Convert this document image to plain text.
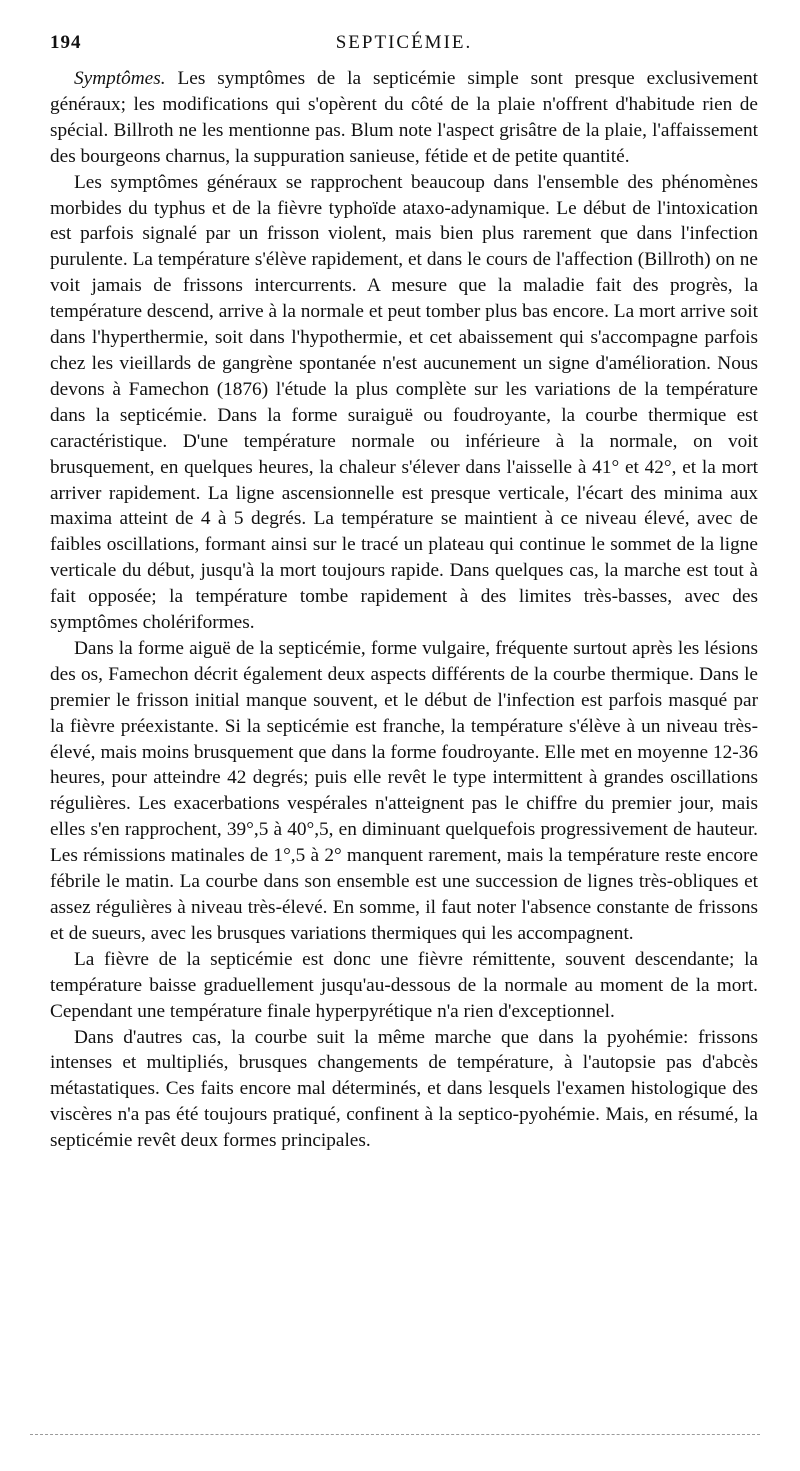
194	SEPTICÉMIE.

Symptômes. Les symptômes de la septicémie simple sont presque exclusivement généraux; les modifications qui s'opèrent du côté de la plaie n'offrent d'habitude rien de spécial. Billroth ne les mentionne pas. Blum note l'aspect grisâtre de la plaie, l'affaissement des bourgeons charnus, la suppuration sanieuse, fétide et de petite quantité.

Les symptômes généraux se rapprochent beaucoup dans l'ensemble des phénomènes morbides du typhus et de la fièvre typhoïde ataxo-adynamique. Le début de l'intoxication est parfois signalé par un frisson violent, mais bien plus rarement que dans l'infection purulente. La température s'élève rapidement, et dans le cours de l'affection (Billroth) on ne voit jamais de frissons intercurrents. A mesure que la maladie fait des progrès, la température descend, arrive à la normale et peut tomber plus bas encore. La mort arrive soit dans l'hyperthermie, soit dans l'hypothermie, et cet abaissement qui s'accompagne parfois chez les vieillards de gangrène spontanée n'est aucunement un signe d'amélioration. Nous devons à Famechon (1876) l'étude la plus complète sur les variations de la température dans la septicémie. Dans la forme suraiguë ou foudroyante, la courbe thermique est caractéristique. D'une température normale ou inférieure à la normale, on voit brusquement, en quelques heures, la chaleur s'élever dans l'aisselle à 41° et 42°, et la mort arriver rapidement. La ligne ascensionnelle est presque verticale, l'écart des minima aux maxima atteint de 4 à 5 degrés. La température se maintient à ce niveau élevé, avec de faibles oscillations, formant ainsi sur le tracé un plateau qui continue le sommet de la ligne verticale du début, jusqu'à la mort toujours rapide. Dans quelques cas, la marche est tout à fait opposée; la température tombe rapidement à des limites très-basses, avec des symptômes cholériformes.

Dans la forme aiguë de la septicémie, forme vulgaire, fréquente surtout après les lésions des os, Famechon décrit également deux aspects différents de la courbe thermique. Dans le premier le frisson initial manque souvent, et le début de l'infection est parfois masqué par la fièvre préexistante. Si la septicémie est franche, la température s'élève à un niveau très-élevé, mais moins brusquement que dans la forme foudroyante. Elle met en moyenne 12-36 heures, pour atteindre 42 degrés; puis elle revêt le type intermittent à grandes oscillations régulières. Les exacerbations vespérales n'atteignent pas le chiffre du premier jour, mais elles s'en rapprochent, 39°,5 à 40°,5, en diminuant quelquefois progressivement de hauteur. Les rémissions matinales de 1°,5 à 2° manquent rarement, mais la température reste encore fébrile le matin. La courbe dans son ensemble est une succession de lignes très-obliques et assez régulières à niveau très-élevé. En somme, il faut noter l'absence constante de frissons et de sueurs, avec les brusques variations thermiques qui les accompagnent.

La fièvre de la septicémie est donc une fièvre rémittente, souvent descendante; la température baisse graduellement jusqu'au-dessous de la normale au moment de la mort. Cependant une température finale hyperpyrétique n'a rien d'exceptionnel.

Dans d'autres cas, la courbe suit la même marche que dans la pyohémie: frissons intenses et multipliés, brusques changements de température, à l'autopsie pas d'abcès métastatiques. Ces faits encore mal déterminés, et dans lesquels l'examen histologique des viscères n'a pas été toujours pratiqué, confinent à la septico-pyohémie. Mais, en résumé, la septicémie revêt deux formes principales.
